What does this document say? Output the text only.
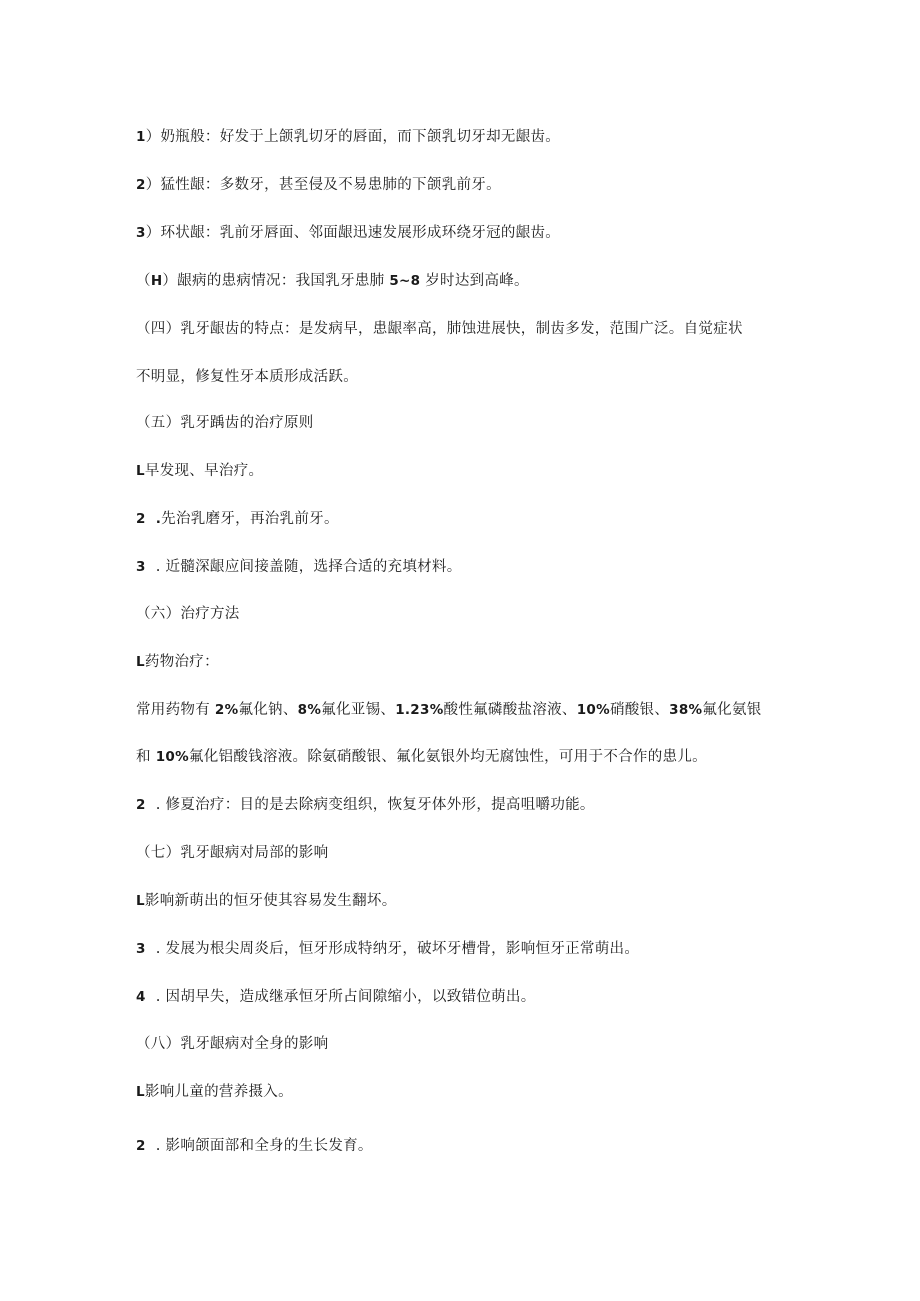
1）奶瓶般：好发于上颌乳切牙的唇面，而下颌乳切牙却无龈齿。
2）猛性龈：多数牙，甚至侵及不易患肺的下颌乳前牙。
3）环状龈：乳前牙唇面、邻面龈迅速发展形成环绕牙冠的龈齿。
（H）龈病的患病情况：我国乳牙患肺 5~8 岁时达到高峰。
（四）乳牙龈齿的特点：是发病早，患龈率高，肺蚀进展快，制齿多发，范围广泛。自觉症状
不明显，修复性牙本质形成活跃。
（五）乳牙踽齿的治疗原则
L早发现、早治疗。
2 .先治乳磨牙，再治乳前牙。
3 . 近髓深龈应间接盖随，选择合适的充填材料。
（六）治疗方法
L药物治疗：
常用药物有 2%氟化钠、8%氟化亚锡、1.23%酸性氟磷酸盐溶液、10%硝酸银、38%氟化氨银
和 10%氟化铝酸钱溶液。除氨硝酸银、氟化氨银外均无腐蚀性，可用于不合作的患儿。
2 . 修夏治疗：目的是去除病变组织，恢复牙体外形，提高咀嚼功能。
（七）乳牙龈病对局部的影响
L影响新萌出的恒牙使其容易发生翻坏。
3 . 发展为根尖周炎后，恒牙形成特纳牙，破坏牙槽骨，影响恒牙正常萌出。
4 . 因胡早失，造成继承恒牙所占间隙缩小，以致错位萌出。
（八）乳牙龈病对全身的影响
L影响儿童的营养摄入。
2 . 影响颌面部和全身的生长发育。
